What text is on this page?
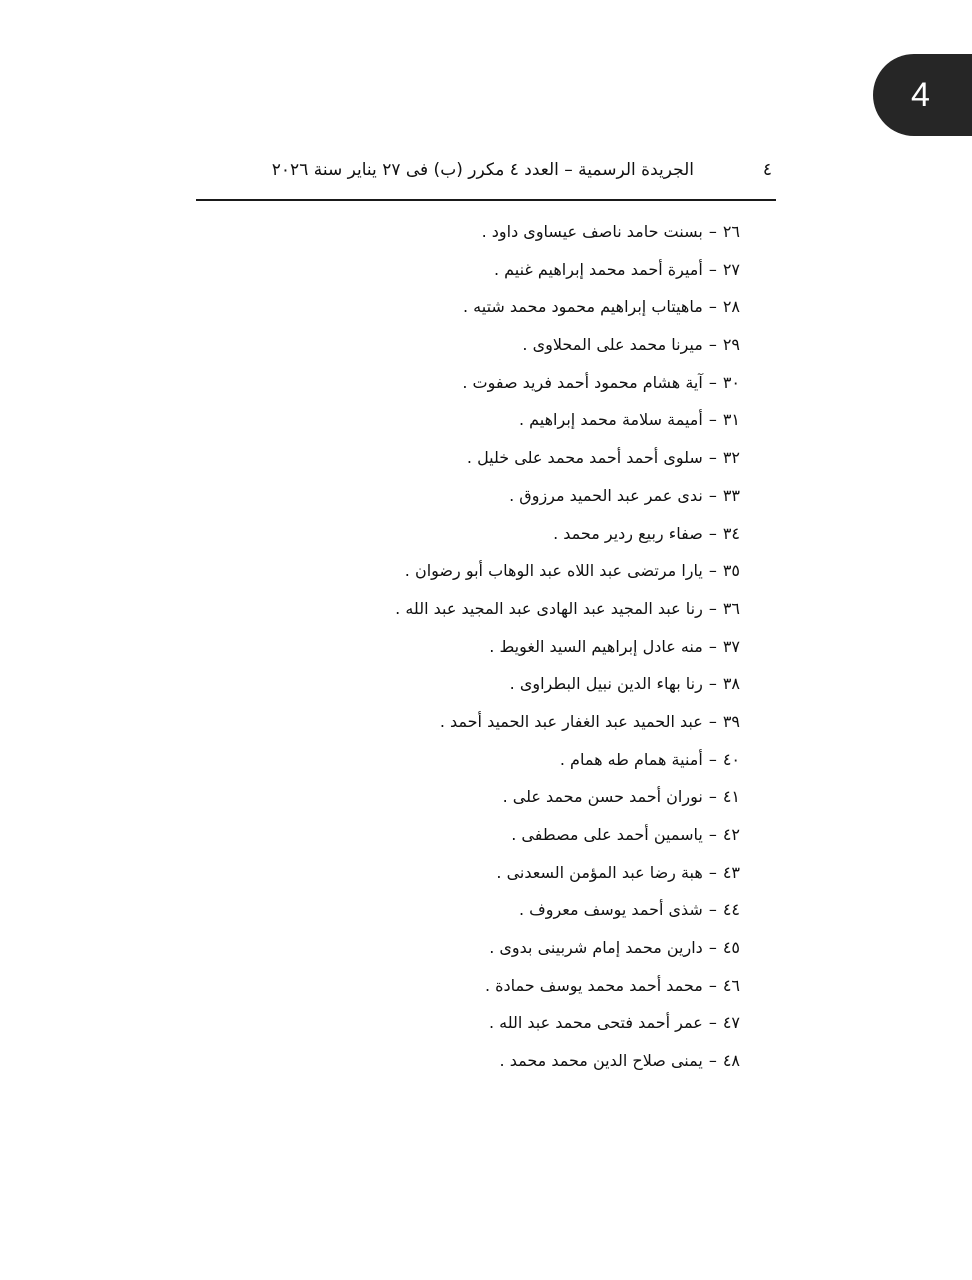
4
الجريدة الرسمية – العدد ٤ مكرر (ب) فى ٢٧ يناير سنة ٢٠٢٦	٤
٢٦–بسنت حامد ناصف عيساوى داود .
٢٧–أميرة أحمد محمد إبراهيم غنيم .
٢٨–ماهيتاب إبراهيم محمود محمد شتيه .
٢٩–ميرنا محمد على المحلاوى .
٣٠–آية هشام محمود أحمد فريد صفوت .
٣١–أميمة سلامة محمد إبراهيم .
٣٢–سلوى أحمد أحمد محمد على خليل .
٣٣–ندى عمر عبد الحميد مرزوق .
٣٤–صفاء ربيع ردير محمد .
٣٥–يارا مرتضى عبد اللاه عبد الوهاب أبو رضوان .
٣٦–رنا عبد المجيد عبد الهادى عبد المجيد عبد الله .
٣٧–منه عادل إبراهيم السيد الغويط .
٣٨–رنا بهاء الدين نبيل البطراوى .
٣٩–عبد الحميد عبد الغفار عبد الحميد أحمد .
٤٠–أمنية همام طه همام .
٤١–نوران أحمد حسن محمد على .
٤٢–ياسمين أحمد على مصطفى .
٤٣–هبة رضا عبد المؤمن السعدنى .
٤٤–شذى أحمد يوسف معروف .
٤٥–دارين محمد إمام شربينى بدوى .
٤٦–محمد أحمد محمد يوسف حمادة .
٤٧–عمر أحمد فتحى محمد عبد الله .
٤٨–يمنى صلاح الدين محمد محمد .
